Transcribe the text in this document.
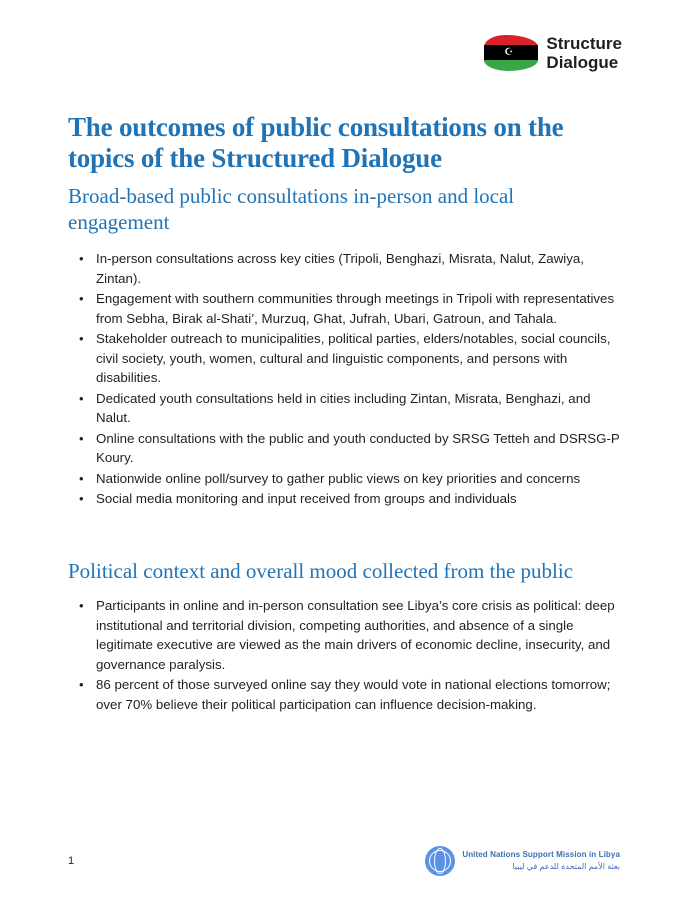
☪ Structure
Dialogue
The outcomes of public consultations on the topics of the Structured Dialogue
Broad-based public consultations in-person and local engagement
• In-person consultations across key cities (Tripoli, Benghazi, Misrata, Nalut, Zawiya, Zintan).
• Engagement with southern communities through meetings in Tripoli with representatives from Sebha, Birak al-Shati’, Murzuq, Ghat, Jufrah, Ubari, Gatroun, and Tahala.
• Stakeholder outreach to municipalities, political parties, elders/notables, social councils, civil society, youth, women, cultural and linguistic components, and persons with disabilities.
• Dedicated youth consultations held in cities including Zintan, Misrata, Benghazi, and Nalut.
• Online consultations with the public and youth conducted by SRSG Tetteh and DSRSG-P Koury.
• Nationwide online poll/survey to gather public views on key priorities and concerns
• Social media monitoring and input received from groups and individuals
Political context and overall mood collected from the public
• Participants in online and in-person consultation see Libya’s core crisis as political: deep institutional and territorial division, competing authorities, and absence of a single legitimate executive are viewed as the main drivers of economic decline, insecurity, and governance paralysis.
• 86 percent of those surveyed online say they would vote in national elections tomorrow; over 70% believe their political participation can influence decision-making.
1
United Nations Support Mission in Libya
بعثة الأمم المتحدة للدعم في ليبيا
